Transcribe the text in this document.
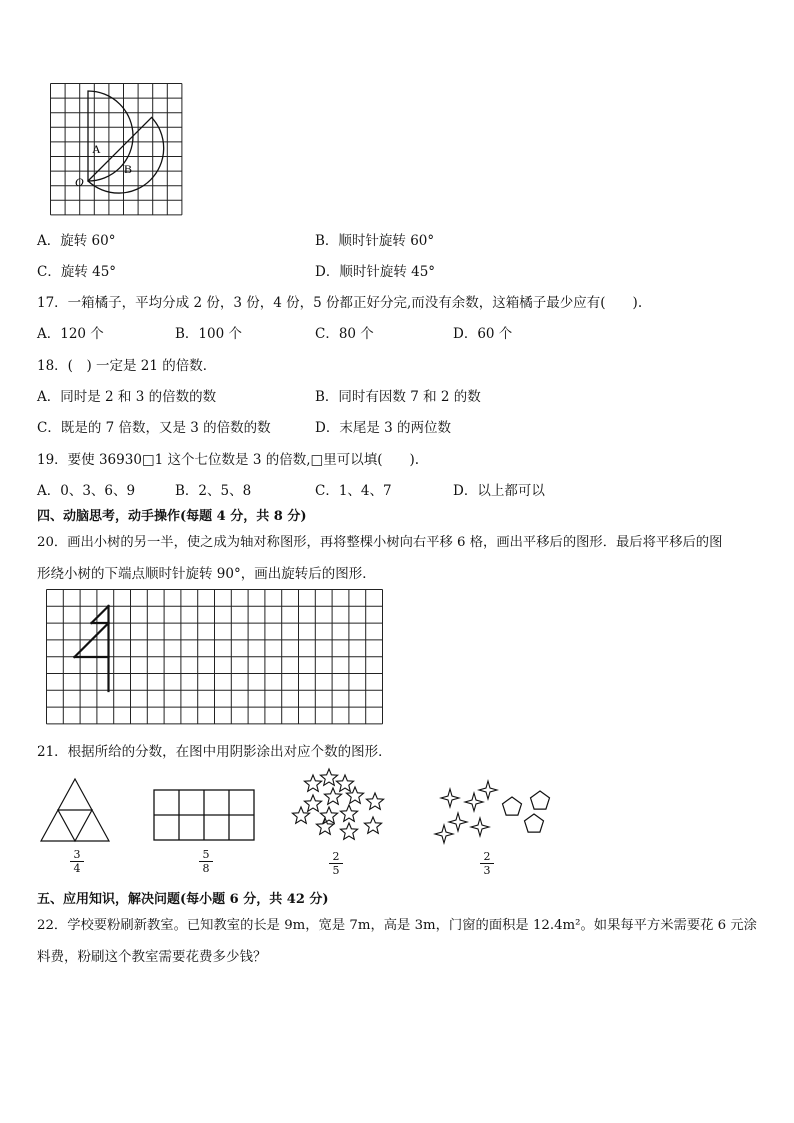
A
B
O
A．旋转 60°	B．顺时针旋转 60°
C．旋转 45°	D．顺时针旋转 45°
17．一箱橘子，平均分成 2 份，3 份，4 份，5 份都正好分完,而没有余数，这箱橘子最少应有(　　).
A．120 个	B．100 个	C．80 个	D．60 个
18．(　) 一定是 21 的倍数．
A．同时是 2 和 3 的倍数的数	B．同时有因数 7 和 2 的数
C．既是的 7 倍数，又是 3 的倍数的数	D．末尾是 3 的两位数
19．要使 36930□1 这个七位数是 3 的倍数,□里可以填(　　).
A．0、3、6、9	B．2、5、8	C．1、4、7	D．以上都可以
四、动脑思考，动手操作(每题 4 分，共 8 分)
20．画出小树的另一半，使之成为轴对称图形，再将整棵小树向右平移 6 格，画出平移后的图形．最后将平移后的图
形绕小树的下端点顺时针旋转 90°，画出旋转后的图形．
21．根据所给的分数，在图中用阴影涂出对应个数的图形．
3
4
5
8
2
5
2
3
五、应用知识，解决问题(每小题 6 分，共 42 分)
22．学校要粉刷新教室。已知教室的长是 9m，宽是 7m，高是 3m，门窗的面积是 12.4m²。如果每平方米需要花 6 元涂
料费，粉刷这个教室需要花费多少钱？
